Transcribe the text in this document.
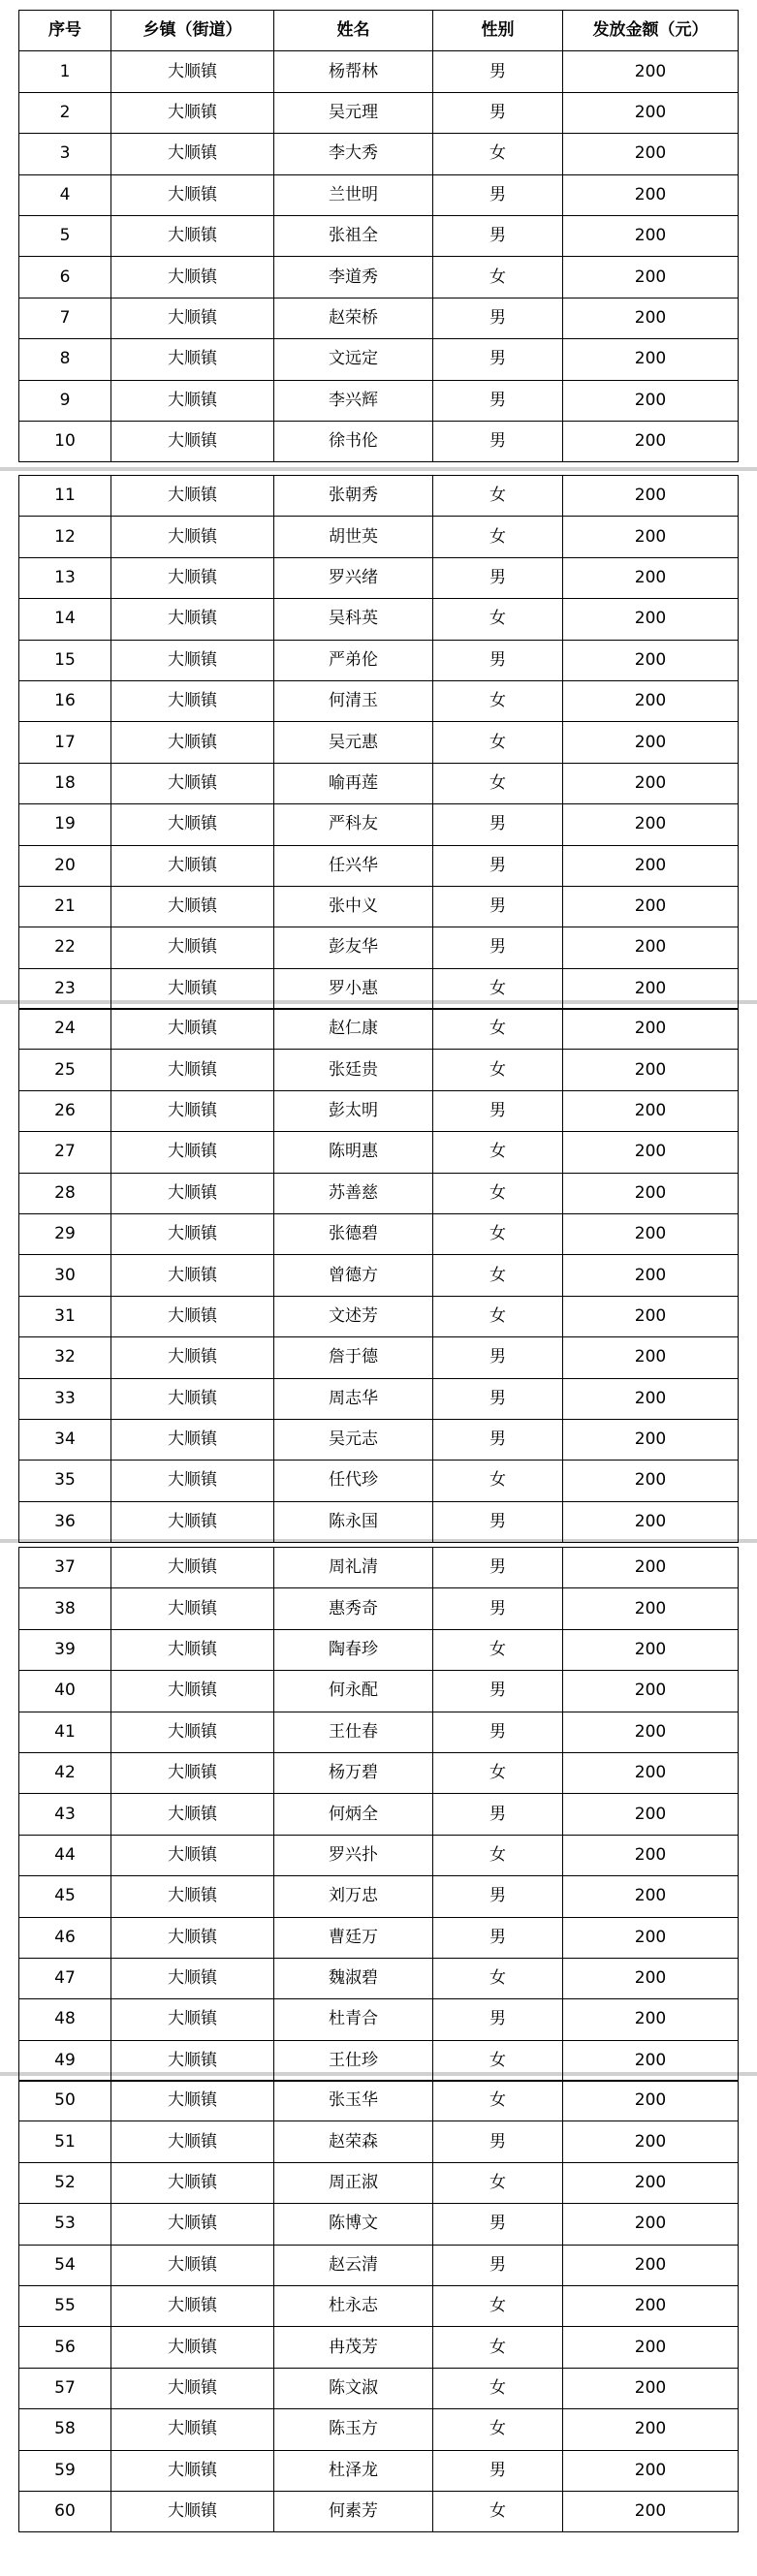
序号	乡镇（街道）	姓名	性别	发放金额（元）
1	大顺镇	杨帮林	男	200
2	大顺镇	吴元理	男	200
3	大顺镇	李大秀	女	200
4	大顺镇	兰世明	男	200
5	大顺镇	张祖全	男	200
6	大顺镇	李道秀	女	200
7	大顺镇	赵荣桥	男	200
8	大顺镇	文远定	男	200
9	大顺镇	李兴辉	男	200
10	大顺镇	徐书伦	男	200
11	大顺镇	张朝秀	女	200
12	大顺镇	胡世英	女	200
13	大顺镇	罗兴绪	男	200
14	大顺镇	吴科英	女	200
15	大顺镇	严弟伦	男	200
16	大顺镇	何清玉	女	200
17	大顺镇	吴元惠	女	200
18	大顺镇	喻再莲	女	200
19	大顺镇	严科友	男	200
20	大顺镇	任兴华	男	200
21	大顺镇	张中义	男	200
22	大顺镇	彭友华	男	200
23	大顺镇	罗小惠	女	200
24	大顺镇	赵仁康	女	200
25	大顺镇	张廷贵	女	200
26	大顺镇	彭太明	男	200
27	大顺镇	陈明惠	女	200
28	大顺镇	苏善慈	女	200
29	大顺镇	张德碧	女	200
30	大顺镇	曾德方	女	200
31	大顺镇	文述芳	女	200
32	大顺镇	詹于德	男	200
33	大顺镇	周志华	男	200
34	大顺镇	吴元志	男	200
35	大顺镇	任代珍	女	200
36	大顺镇	陈永国	男	200
37	大顺镇	周礼清	男	200
38	大顺镇	惠秀奇	男	200
39	大顺镇	陶春珍	女	200
40	大顺镇	何永配	男	200
41	大顺镇	王仕春	男	200
42	大顺镇	杨万碧	女	200
43	大顺镇	何炳全	男	200
44	大顺镇	罗兴扑	女	200
45	大顺镇	刘万忠	男	200
46	大顺镇	曹廷万	男	200
47	大顺镇	魏淑碧	女	200
48	大顺镇	杜青合	男	200
49	大顺镇	王仕珍	女	200
50	大顺镇	张玉华	女	200
51	大顺镇	赵荣森	男	200
52	大顺镇	周正淑	女	200
53	大顺镇	陈博文	男	200
54	大顺镇	赵云清	男	200
55	大顺镇	杜永志	女	200
56	大顺镇	冉茂芳	女	200
57	大顺镇	陈文淑	女	200
58	大顺镇	陈玉方	女	200
59	大顺镇	杜泽龙	男	200
60	大顺镇	何素芳	女	200
